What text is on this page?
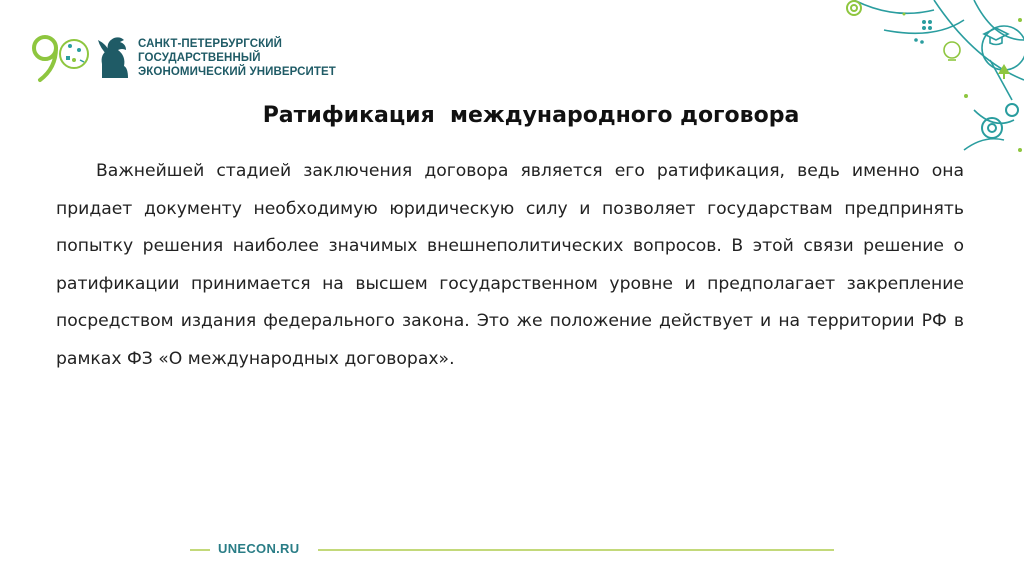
САНКТ-ПЕТЕРБУРГСКИЙ
ГОСУДАРСТВЕННЫЙ
ЭКОНОМИЧЕСКИЙ УНИВЕРСИТЕТ
Ратификация  международного договора

Важнейшей стадией заключения договора является его ратификация, ведь именно она придает документу необходимую юридическую силу и позволяет государствам предпринять попытку решения наиболее значимых внешнеполитических вопросов. В этой связи решение о ратификации принимается на высшем государственном уровне и предполагает закрепление посредством издания федерального закона. Это же положение действует и на территории РФ в рамках ФЗ «О международных договорах».

UNECON.RU
